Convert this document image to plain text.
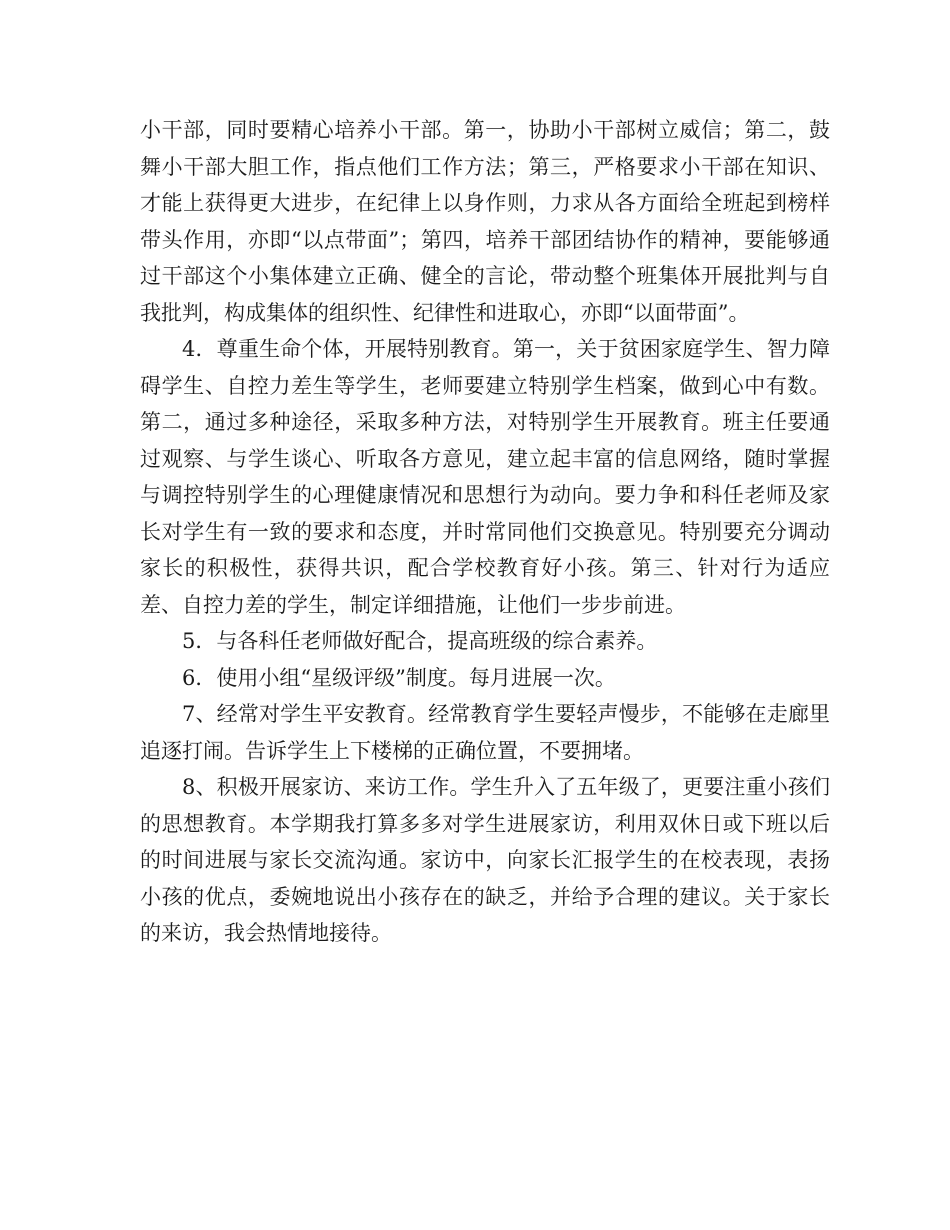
小干部，同时要精心培养小干部。第一，协助小干部树立威信；第二，鼓舞小干部大胆工作，指点他们工作方法；第三，严格要求小干部在知识、才能上获得更大进步，在纪律上以身作则，力求从各方面给全班起到榜样带头作用，亦即“以点带面”；第四，培养干部团结协作的精神，要能够通过干部这个小集体建立正确、健全的言论，带动整个班集体开展批判与自我批判，构成集体的组织性、纪律性和进取心，亦即“以面带面”。

4．尊重生命个体，开展特别教育。第一，关于贫困家庭学生、智力障碍学生、自控力差生等学生，老师要建立特别学生档案，做到心中有数。第二，通过多种途径，采取多种方法，对特别学生开展教育。班主任要通过观察、与学生谈心、听取各方意见，建立起丰富的信息网络，随时掌握与调控特别学生的心理健康情况和思想行为动向。要力争和科任老师及家长对学生有一致的要求和态度，并时常同他们交换意见。特别要充分调动家长的积极性，获得共识，配合学校教育好小孩。第三、针对行为适应差、自控力差的学生，制定详细措施，让他们一步步前进。

5．与各科任老师做好配合，提高班级的综合素养。

6．使用小组“星级评级”制度。每月进展一次。

7、经常对学生平安教育。经常教育学生要轻声慢步，不能够在走廊里追逐打闹。告诉学生上下楼梯的正确位置，不要拥堵。

8、积极开展家访、来访工作。学生升入了五年级了，更要注重小孩们的思想教育。本学期我打算多多对学生进展家访，利用双休日或下班以后的时间进展与家长交流沟通。家访中，向家长汇报学生的在校表现，表扬小孩的优点，委婉地说出小孩存在的缺乏，并给予合理的建议。关于家长的来访，我会热情地接待。
